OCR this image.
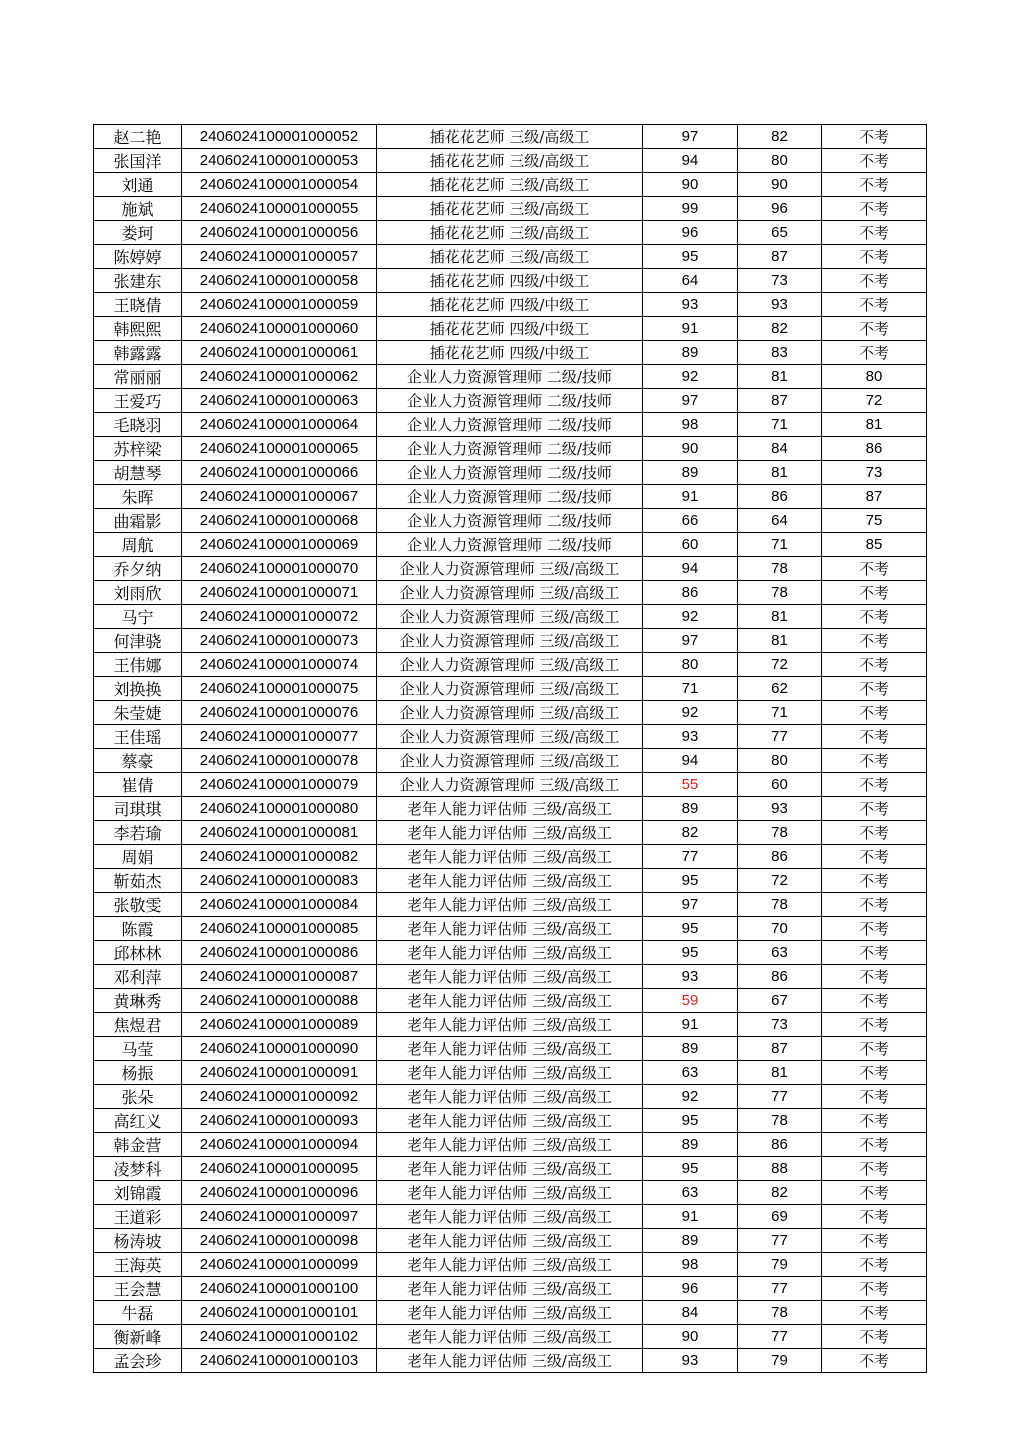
赵二艳	2406024100001000052	插花花艺师 三级/高级工	97	82	不考
张国洋	2406024100001000053	插花花艺师 三级/高级工	94	80	不考
刘通	2406024100001000054	插花花艺师 三级/高级工	90	90	不考
施斌	2406024100001000055	插花花艺师 三级/高级工	99	96	不考
娄珂	2406024100001000056	插花花艺师 三级/高级工	96	65	不考
陈婷婷	2406024100001000057	插花花艺师 三级/高级工	95	87	不考
张建东	2406024100001000058	插花花艺师 四级/中级工	64	73	不考
王晓倩	2406024100001000059	插花花艺师 四级/中级工	93	93	不考
韩熙熙	2406024100001000060	插花花艺师 四级/中级工	91	82	不考
韩露露	2406024100001000061	插花花艺师 四级/中级工	89	83	不考
常丽丽	2406024100001000062	企业人力资源管理师 二级/技师	92	81	80
王爱巧	2406024100001000063	企业人力资源管理师 二级/技师	97	87	72
毛晓羽	2406024100001000064	企业人力资源管理师 二级/技师	98	71	81
苏梓梁	2406024100001000065	企业人力资源管理师 二级/技师	90	84	86
胡慧琴	2406024100001000066	企业人力资源管理师 二级/技师	89	81	73
朱晖	2406024100001000067	企业人力资源管理师 二级/技师	91	86	87
曲霜影	2406024100001000068	企业人力资源管理师 二级/技师	66	64	75
周航	2406024100001000069	企业人力资源管理师 二级/技师	60	71	85
乔夕纳	2406024100001000070	企业人力资源管理师 三级/高级工	94	78	不考
刘雨欣	2406024100001000071	企业人力资源管理师 三级/高级工	86	78	不考
马宁	2406024100001000072	企业人力资源管理师 三级/高级工	92	81	不考
何津骁	2406024100001000073	企业人力资源管理师 三级/高级工	97	81	不考
王伟娜	2406024100001000074	企业人力资源管理师 三级/高级工	80	72	不考
刘换换	2406024100001000075	企业人力资源管理师 三级/高级工	71	62	不考
朱莹婕	2406024100001000076	企业人力资源管理师 三级/高级工	92	71	不考
王佳瑶	2406024100001000077	企业人力资源管理师 三级/高级工	93	77	不考
蔡豪	2406024100001000078	企业人力资源管理师 三级/高级工	94	80	不考
崔倩	2406024100001000079	企业人力资源管理师 三级/高级工	55	60	不考
司琪琪	2406024100001000080	老年人能力评估师 三级/高级工	89	93	不考
李若瑜	2406024100001000081	老年人能力评估师 三级/高级工	82	78	不考
周娟	2406024100001000082	老年人能力评估师 三级/高级工	77	86	不考
靳茹杰	2406024100001000083	老年人能力评估师 三级/高级工	95	72	不考
张敬雯	2406024100001000084	老年人能力评估师 三级/高级工	97	78	不考
陈霞	2406024100001000085	老年人能力评估师 三级/高级工	95	70	不考
邱林林	2406024100001000086	老年人能力评估师 三级/高级工	95	63	不考
邓利萍	2406024100001000087	老年人能力评估师 三级/高级工	93	86	不考
黄琳秀	2406024100001000088	老年人能力评估师 三级/高级工	59	67	不考
焦煜君	2406024100001000089	老年人能力评估师 三级/高级工	91	73	不考
马莹	2406024100001000090	老年人能力评估师 三级/高级工	89	87	不考
杨振	2406024100001000091	老年人能力评估师 三级/高级工	63	81	不考
张朵	2406024100001000092	老年人能力评估师 三级/高级工	92	77	不考
高红义	2406024100001000093	老年人能力评估师 三级/高级工	95	78	不考
韩金营	2406024100001000094	老年人能力评估师 三级/高级工	89	86	不考
凌梦科	2406024100001000095	老年人能力评估师 三级/高级工	95	88	不考
刘锦霞	2406024100001000096	老年人能力评估师 三级/高级工	63	82	不考
王道彩	2406024100001000097	老年人能力评估师 三级/高级工	91	69	不考
杨涛坡	2406024100001000098	老年人能力评估师 三级/高级工	89	77	不考
王海英	2406024100001000099	老年人能力评估师 三级/高级工	98	79	不考
王会慧	2406024100001000100	老年人能力评估师 三级/高级工	96	77	不考
牛磊	2406024100001000101	老年人能力评估师 三级/高级工	84	78	不考
衡新峰	2406024100001000102	老年人能力评估师 三级/高级工	90	77	不考
孟会珍	2406024100001000103	老年人能力评估师 三级/高级工	93	79	不考
